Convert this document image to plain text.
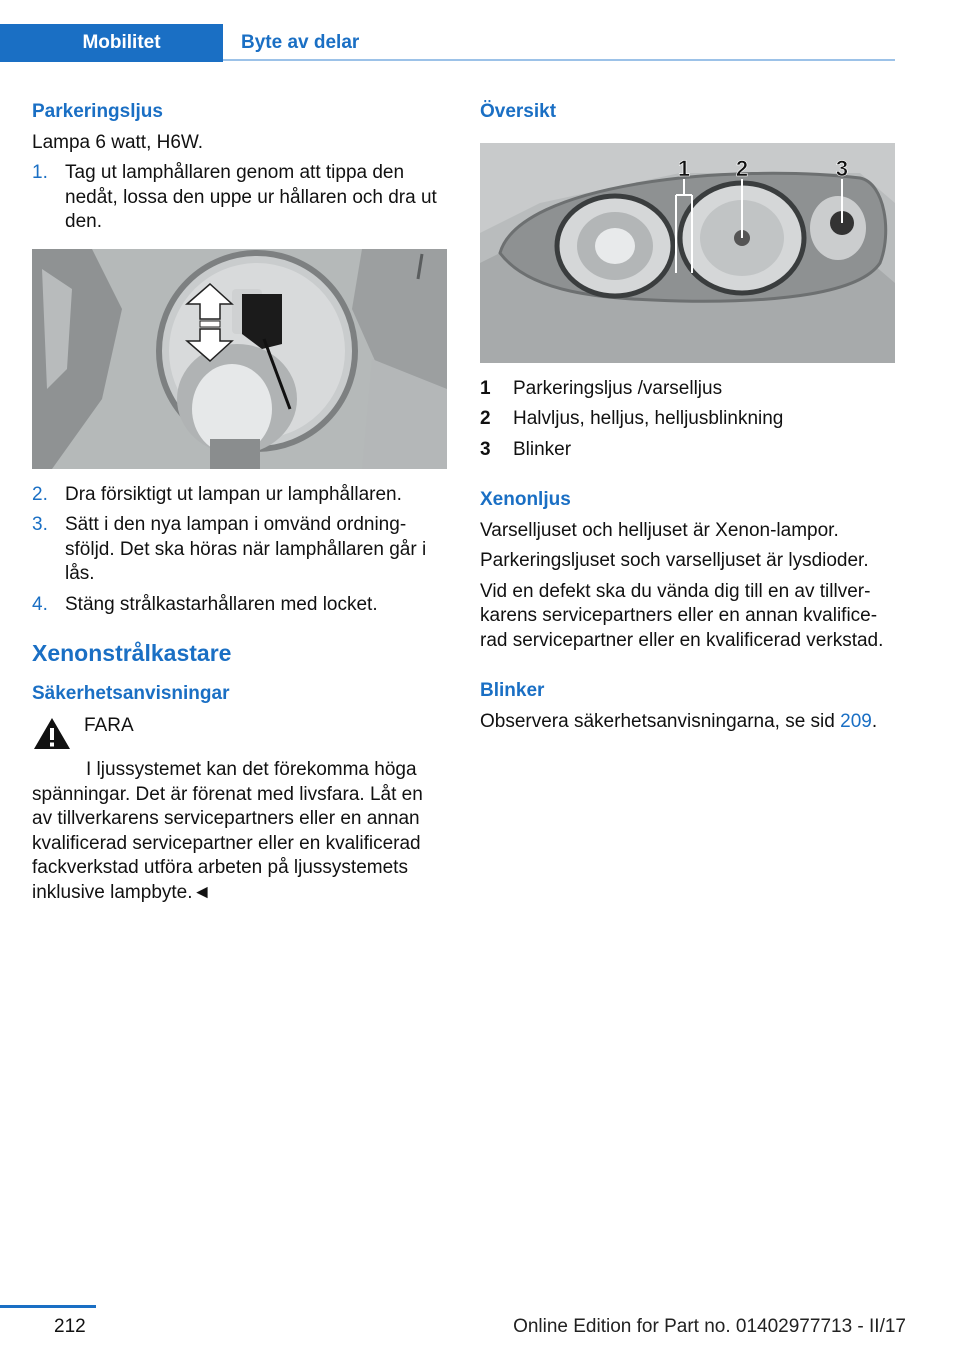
Mobilitet	Byte av delar

Parkeringsljus

Lampa 6 watt, H6W.

1. Tag ut lamphållaren genom att tippa den nedåt, lossa den uppe ur hållaren och dra ut den.
2. Dra försiktigt ut lampan ur lamphållaren.
3. Sätt i den nya lampan i omvänd ordningsföljd. Det ska höras när lamphållaren går i lås.
4. Stäng strålkastarhållaren med locket.

Xenonstrålkastare

Säkerhetsanvisningar

FARA

I ljussystemet kan det förekomma höga spänningar. Det är förenat med livsfara. Låt en av tillverkarens servicepartners eller en annan kvalificerad servicepartner eller en kvalificerad fackverkstad utföra arbeten på ljussystemets inklusive lampbyte.◄

Översikt

1 2	3
1	Parkeringsljus /varselljus
2	Halvljus, helljus, helljusblinkning
3	Blinker

Xenonljus

Varselljuset och helljuset är Xenon-lampor.

Parkeringsljuset soch varselljuset är lysdioder.

Vid en defekt ska du vända dig till en av tillverkarens servicepartners eller en annan kvalificerad servicepartner eller en kvalificerad verkstad.

Blinker

Observera säkerhetsanvisningarna, se sid 209.

212	Online Edition for Part no. 01402977713 - II/17
